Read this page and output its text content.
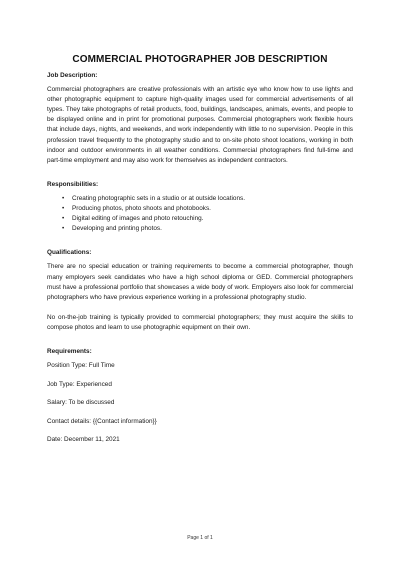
COMMERCIAL PHOTOGRAPHER JOB DESCRIPTION

Job Description:

Commercial photographers are creative professionals with an artistic eye who know how to use lights and other photographic equipment to capture high-quality images used for commercial advertisements of all types. They take photographs of retail products, food, buildings, landscapes, animals, events, and people to be displayed online and in print for promotional purposes. Commercial photographers work flexible hours that include days, nights, and weekends, and work independently with little to no supervision. People in this profession travel frequently to the photography studio and to on-site photo shoot locations, working in both indoor and outdoor environments in all weather conditions. Commercial photographers find full-time and part-time employment and may also work for themselves as independent contractors.

Responsibilities:

• Creating photographic sets in a studio or at outside locations.
• Producing photos, photo shoots and photobooks.
• Digital editing of images and photo retouching.
• Developing and printing photos.

Qualifications:

There are no special education or training requirements to become a commercial photographer, though many employers seek candidates who have a high school diploma or GED. Commercial photographers must have a professional portfolio that showcases a wide body of work. Employers also look for commercial photographers who have previous experience working in a professional photography studio.

No on-the-job training is typically provided to commercial photographers; they must acquire the skills to compose photos and learn to use photographic equipment on their own.

Requirements:

Position Type: Full Time

Job Type: Experienced

Salary: To be discussed

Contact details: {{Contact information}}

Date: December 11, 2021

Page 1 of 1
